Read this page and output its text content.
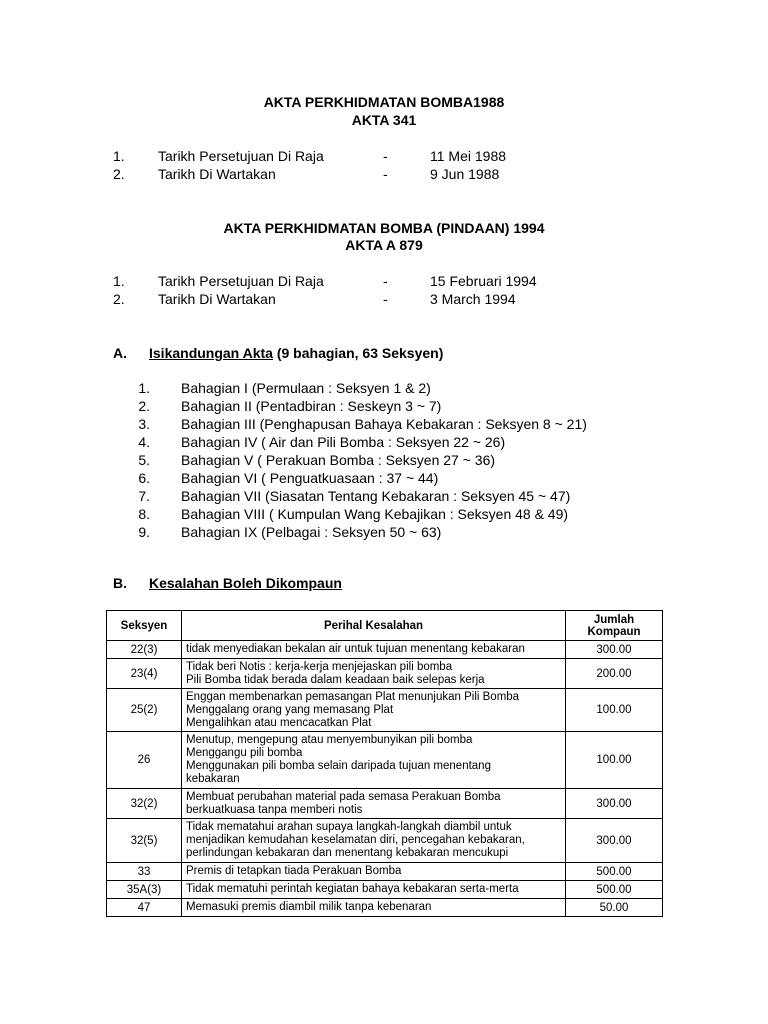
AKTA PERKHIDMATAN BOMBA1988
AKTA 341
1. Tarikh Persetujuan Di Raja	-	11 Mei 1988
2. Tarikh Di Wartakan	-	9 Jun 1988
AKTA PERKHIDMATAN BOMBA (PINDAAN) 1994
AKTA A 879
1. Tarikh Persetujuan Di Raja	-	15 Februari 1994
2. Tarikh Di Wartakan	-	3 March 1994
A. Isikandungan Akta (9 bahagian, 63 Seksyen)
1. Bahagian I (Permulaan : Seksyen 1 & 2)
2. Bahagian II (Pentadbiran : Seskeyn 3 ~ 7)
3. Bahagian III (Penghapusan Bahaya Kebakaran : Seksyen 8 ~ 21)
4. Bahagian IV ( Air dan Pili Bomba : Seksyen 22 ~ 26)
5. Bahagian V ( Perakuan Bomba : Seksyen 27 ~ 36)
6. Bahagian VI ( Penguatkuasaan : 37 ~ 44)
7. Bahagian VII (Siasatan Tentang Kebakaran : Seksyen 45 ~ 47)
8. Bahagian VIII ( Kumpulan Wang Kebajikan : Seksyen 48 & 49)
9. Bahagian IX (Pelbagai : Seksyen 50 ~ 63)
B. Kesalahan Boleh Dikompaun
Seksyen	Perihal Kesalahan	Jumlah
Kompaun

22(3)	tidak menyediakan bekalan air untuk tujuan menentang kebakaran	300.00
23(4)	Tidak beri Notis : kerja-kerja menjejaskan pili bomba
Pili Bomba tidak berada dalam keadaan baik selepas kerja	200.00
25(2)	Enggan membenarkan pemasangan Plat menunjukan Pili Bomba
Menggalang orang yang memasang Plat
Mengalihkan atau mencacatkan Plat	100.00
26	Menutup, mengepung atau menyembunyikan pili bomba
Menggangu pili bomba
Menggunakan pili bomba selain daripada tujuan menentang
kebakaran	100.00
32(2)	Membuat perubahan material pada semasa Perakuan Bomba
berkuatkuasa tanpa memberi notis	300.00
32(5)	Tidak mematahui arahan supaya langkah-langkah diambil untuk
menjadikan kemudahan keselamatan diri, pencegahan kebakaran,
perlindungan kebakaran dan menentang kebakaran mencukupi	300.00
33	Premis di tetapkan tiada Perakuan Bomba	500.00
35A(3)	Tidak mematuhi perintah kegiatan bahaya kebakaran serta-merta	500.00
47	Memasuki premis diambil milik tanpa kebenaran	50.00
